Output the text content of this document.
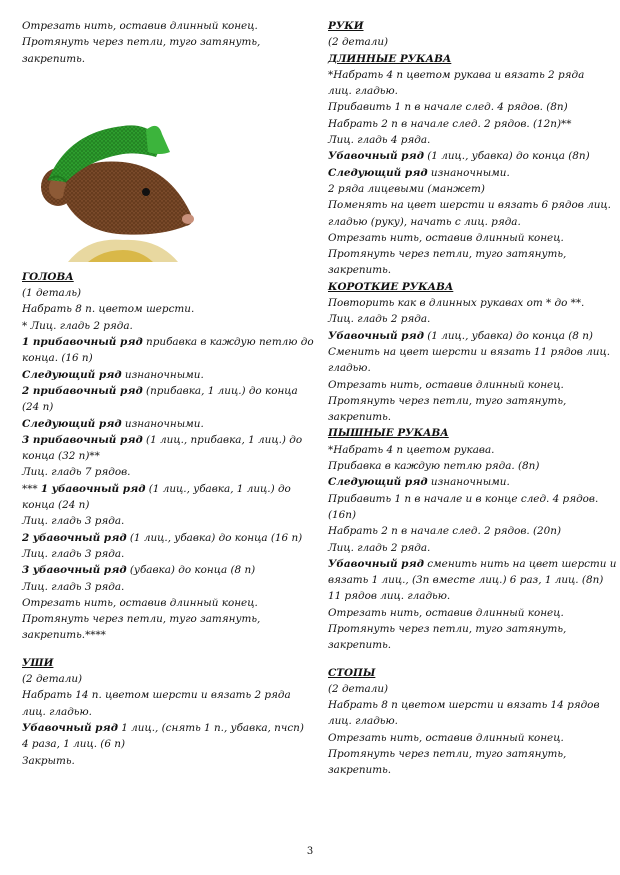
Отрезать нить, оставив длинный конец.
Протянуть через петли, туго затянуть,
закрепить.
ГОЛОВА
(1 деталь)
Набрать 8 п. цветом шерсти.
* Лиц. гладь 2 ряда.
1 прибавочный ряд прибавка в каждую петлю до
конца. (16 п)
Следующий ряд изнаночными.
2 прибавочный ряд (прибавка, 1 лиц.) до конца
(24 п)
Следующий ряд изнаночными.
3 прибавочный ряд (1 лиц., прибавка, 1 лиц.) до
конца (32 п)**
Лиц. гладь 7 рядов.
*** 1 убавочный ряд (1 лиц., убавка, 1 лиц.) до
конца (24 п)
Лиц. гладь 3 ряда.
2 убавочный ряд (1 лиц., убавка) до конца (16 п)
Лиц. гладь 3 ряда.
3 убавочный ряд (убавка) до конца (8 п)
Лиц. гладь 3 ряда.
Отрезать нить, оставив длинный конец.
Протянуть через петли, туго затянуть,
закрепить.****
УШИ
(2 детали)
Набрать 14 п. цветом шерсти и вязать 2 ряда
лиц. гладью.
Убавочный ряд 1 лиц., (снять 1 п., убавка, пчсп)
4 раза, 1 лиц. (6 п)
Закрыть.
РУКИ
(2 детали)
ДЛИННЫЕ РУКАВА
*Набрать 4 п цветом рукава и вязать 2 ряда
лиц. гладью.
Прибавить 1 п в начале след. 4 рядов. (8п)
Набрать 2 п в начале след. 2 рядов. (12п)**
Лиц. гладь 4 ряда.
Убавочный ряд (1 лиц., убавка) до конца (8п)
Следующий ряд изнаночными.
2 ряда лицевыми (манжет)
Поменять на цвет шерсти и вязать 6 рядов лиц.
гладью (руку), начать с лиц. ряда.
Отрезать нить, оставив длинный конец.
Протянуть через петли, туго затянуть,
закрепить.
КОРОТКИЕ РУКАВА
Повторить как в длинных рукавах от * до **.
Лиц. гладь 2 ряда.
Убавочный ряд (1 лиц., убавка) до конца (8 п)
Сменить на цвет шерсти и вязать 11 рядов лиц.
гладью.
Отрезать нить, оставив длинный конец.
Протянуть через петли, туго затянуть,
закрепить.
ПЫШНЫЕ РУКАВА
*Набрать 4 п цветом рукава.
Прибавка в каждую петлю ряда. (8п)
Следующий ряд изнаночными.
Прибавить 1 п в начале и в конце след. 4 рядов.
(16п)
Набрать 2 п в начале след. 2 рядов. (20п)
Лиц. гладь 2 ряда.
Убавочный ряд сменить нить на цвет шерсти и
вязать 1 лиц., (3п вместе лиц.) 6 раз, 1 лиц. (8п)
11 рядов лиц. гладью.
Отрезать нить, оставив длинный конец.
Протянуть через петли, туго затянуть,
закрепить.
СТОПЫ
(2 детали)
Набрать 8 п цветом шерсти и вязать 14 рядов
лиц. гладью.
Отрезать нить, оставив длинный конец.
Протянуть через петли, туго затянуть,
закрепить.
3
